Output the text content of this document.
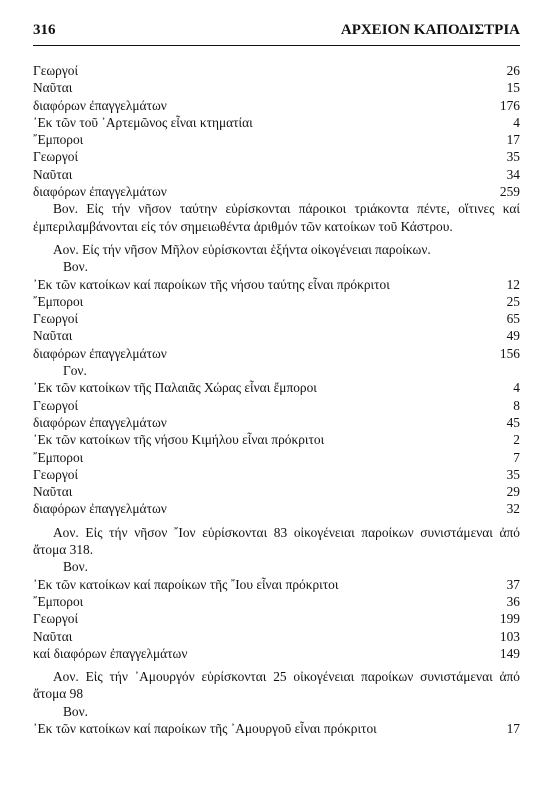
316	ΑΡΧΕΙΟΝ ΚΑΠΟΔΙΣΤΡΙΑ
Γεωργοί	26
Ναῦται	15
διαφόρων ἐπαγγελμάτων	176
᾿Εκ τῶν τοῦ ᾿Αρτεμῶνος εἶναι κτηματίαι	4
῎Εμποροι	17
Γεωργοί	35
Ναῦται	34
διαφόρων ἐπαγγελμάτων	259
Βον. Εἰς τήν νῆσον ταύτην εὑρίσκονται πάροικοι τριάκοντα πέντε, οἵτινες καί ἐμπεριλαμβάνονται εἰς τόν σημειωθέντα ἀριθμόν τῶν κατοίκων τοῦ Κάστρου.
Αον. Εἰς τήν νῆσον Μῆλον εὑρίσκονται ἑξήντα οἰκογένειαι παροίκων.
Βον.
᾿Εκ τῶν κατοίκων καί παροίκων τῆς νήσου ταύτης εἶναι πρόκριτοι	12
῎Εμποροι	25
Γεωργοί	65
Ναῦται	49
διαφόρων ἐπαγγελμάτων	156
Γον.
᾿Εκ τῶν κατοίκων τῆς Παλαιᾶς Χώρας εἶναι ἔμποροι	4
Γεωργοί	8
διαφόρων ἐπαγγελμάτων	45
᾿Εκ τῶν κατοίκων τῆς νήσου Κιμήλου εἶναι πρόκριτοι	2
῎Εμποροι	7
Γεωργοί	35
Ναῦται	29
διαφόρων ἐπαγγελμάτων	32
Αον. Εἰς τήν νῆσον ῎Ιον εὑρίσκονται 83 οἰκογένειαι παροίκων συνιστάμεναι ἀπό ἄτομα 318.
Βον.
᾿Εκ τῶν κατοίκων καί παροίκων τῆς ῎Ιου εἶναι πρόκριτοι	37
῎Εμποροι	36
Γεωργοί	199
Ναῦται	103
καί διαφόρων ἐπαγγελμάτων	149
Αον. Εἰς τήν ᾿Αμουργόν εὑρίσκονται 25 οἰκογένειαι παροίκων συνιστάμεναι ἀπό ἄτομα 98
Βον.
᾿Εκ τῶν κατοίκων καί παροίκων τῆς ᾿Αμουργοῦ εἶναι πρόκριτοι	17
